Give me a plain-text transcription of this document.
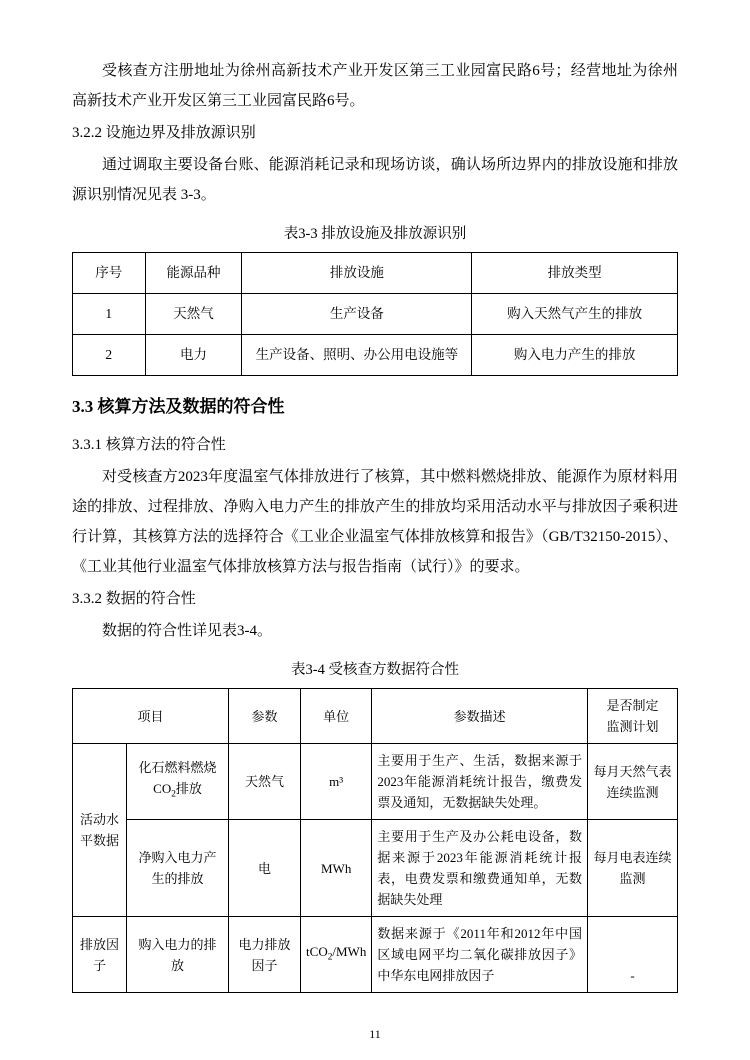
受核查方注册地址为徐州高新技术产业开发区第三工业园富民路6号；经营地址为徐州高新技术产业开发区第三工业园富民路6号。

3.2.2 设施边界及排放源识别

通过调取主要设备台账、能源消耗记录和现场访谈，确认场所边界内的排放设施和排放源识别情况见表 3-3。

表3-3 排放设施及排放源识别

序号	能源品种	排放设施	排放类型
1	天然气	生产设备	购入天然气产生的排放
2	电力	生产设备、照明、办公用电设施等	购入电力产生的排放

3.3 核算方法及数据的符合性

3.3.1 核算方法的符合性

对受核查方2023年度温室气体排放进行了核算，其中燃料燃烧排放、能源作为原材料用途的排放、过程排放、净购入电力产生的排放产生的排放均采用活动水平与排放因子乘积进行计算，其核算方法的选择符合《工业企业温室气体排放核算和报告》（GB/T32150-2015）、《工业其他行业温室气体排放核算方法与报告指南（试行）》的要求。

3.3.2 数据的符合性

数据的符合性详见表3-4。

表3-4 受核查方数据符合性

项目		参数	单位	参数描述	是否制定
监测计划

活动水平数据	化石燃料燃烧$CO_2$排放	天然气	m³	主要用于生产、生活，数据来源于2023年能源消耗统计报告，缴费发票及通知，无数据缺失处理。	每月天然气表连续监测
	净购入电力产生的排放	电	MWh	主要用于生产及办公耗电设备，数据来源于2023年能源消耗统计报表，电费发票和缴费通知单，无数据缺失处理	每月电表连续监测
排放因子	购入电力的排放	电力排放因子	tCO$_2$/MWh	数据来源于《2011年和2012年中国区域电网平均二氧化碳排放因子》中华东电网排放因子	-
11
